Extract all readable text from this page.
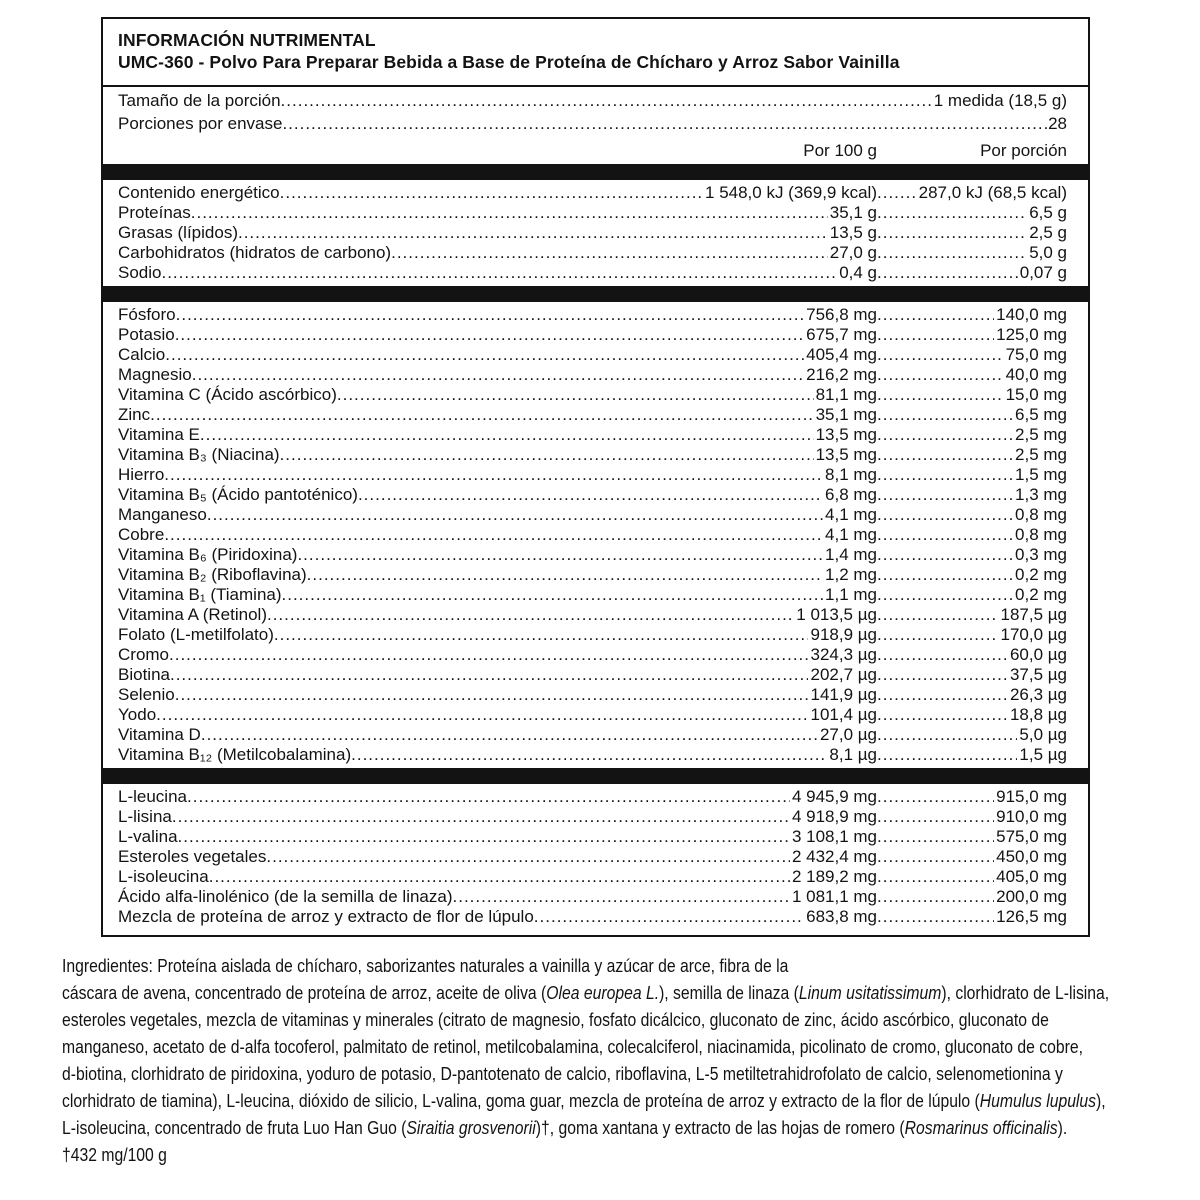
INFORMACIÓN NUTRIMENTAL
UMC-360 - Polvo Para Preparar Bebida a Base de Proteína de Chícharo y Arroz Sabor Vainilla
Tamaño de la porción .....	1 medida (18,5 g)
Porciones por envase .....	28
Por 100 g	Por porción
Contenido energético .....	1 548,0 kJ (369,9 kcal) ..... 287,0 kJ (68,5 kcal)
Proteínas .....	35,1 g .....	6,5 g
Grasas (lípidos) .....	13,5 g .....	2,5 g
Carbohidratos (hidratos de carbono) .....	27,0 g .....	5,0 g
Sodio .....	0,4 g .....	0,07 g
Fósforo .....	756,8 mg .....	140,0 mg
Potasio .....	675,7 mg .....	125,0 mg
Calcio .....	405,4 mg .....	75,0 mg
Magnesio .....	216,2 mg .....	40,0 mg
Vitamina C (Ácido ascórbico) .....	81,1 mg .....	15,0 mg
Zinc .....	35,1 mg .....	6,5 mg
Vitamina E .....	13,5 mg .....	2,5 mg
Vitamina B₃ (Niacina) .....	13,5 mg .....	2,5 mg
Hierro .....	8,1 mg .....	1,5 mg
Vitamina B₅ (Ácido pantoténico) .....	6,8 mg .....	1,3 mg
Manganeso .....	4,1 mg .....	0,8 mg
Cobre .....	4,1 mg .....	0,8 mg
Vitamina B₆ (Piridoxina) .....	1,4 mg .....	0,3 mg
Vitamina B₂ (Riboflavina) .....	1,2 mg .....	0,2 mg
Vitamina B₁ (Tiamina) .....	1,1 mg .....	0,2 mg
Vitamina A (Retinol) .....	1 013,5 µg .....	187,5 µg
Folato (L-metilfolato) .....	918,9 µg .....	170,0 µg
Cromo .....	324,3 µg .....	60,0 µg
Biotina .....	202,7 µg .....	37,5 µg
Selenio .....	141,9 µg .....	26,3 µg
Yodo .....	101,4 µg .....	18,8 µg
Vitamina D .....	27,0 µg .....	5,0 µg
Vitamina B₁₂ (Metilcobalamina) .....	8,1 µg .....	1,5 µg
L-leucina .....	4 945,9 mg .....	915,0 mg
L-lisina .....	4 918,9 mg .....	910,0 mg
L-valina .....	3 108,1 mg .....	575,0 mg
Esteroles vegetales .....	2 432,4 mg .....	450,0 mg
L-isoleucina .....	2 189,2 mg .....	405,0 mg
Ácido alfa-linolénico (de la semilla de linaza) .....	1 081,1 mg .....	200,0 mg
Mezcla de proteína de arroz y extracto de flor de lúpulo .....	683,8 mg .....	126,5 mg
Ingredientes: Proteína aislada de chícharo, saborizantes naturales a vainilla y azúcar de arce, fibra de la
cáscara de avena, concentrado de proteína de arroz, aceite de oliva (Olea europea L.), semilla de linaza (Linum usitatissimum), clorhidrato de L-lisina,
esteroles vegetales, mezcla de vitaminas y minerales (citrato de magnesio, fosfato dicálcico, gluconato de zinc, ácido ascórbico, gluconato de
manganeso, acetato de d-alfa tocoferol, palmitato de retinol, metilcobalamina, colecalciferol, niacinamida, picolinato de cromo, gluconato de cobre,
d-biotina, clorhidrato de piridoxina, yoduro de potasio, D-pantotenato de calcio, riboflavina, L-5 metiltetrahidrofolato de calcio, selenometionina y
clorhidrato de tiamina), L-leucina, dióxido de silicio, L-valina, goma guar, mezcla de proteína de arroz y extracto de la flor de lúpulo (Humulus lupulus),
L-isoleucina, concentrado de fruta Luo Han Guo (Siraitia grosvenorii)†, goma xantana y extracto de las hojas de romero (Rosmarinus officinalis).
†432 mg/100 g
